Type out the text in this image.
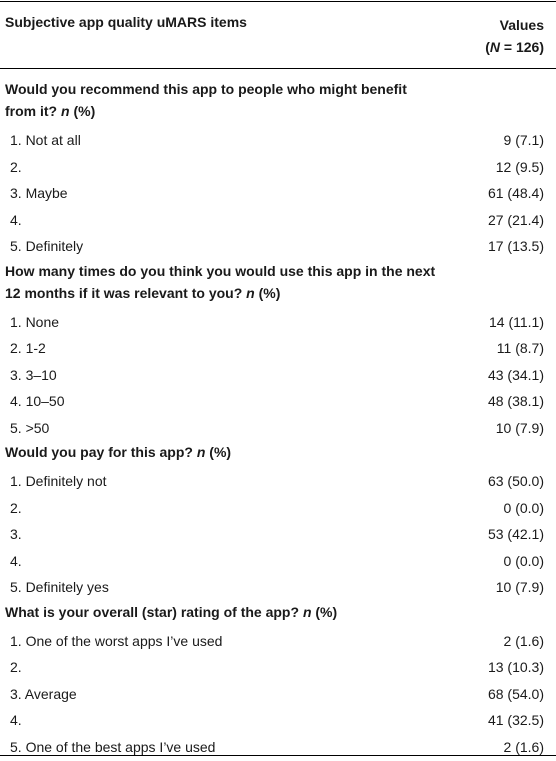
Subjective app quality uMARS items	Values
(N = 126)
Would you recommend this app to people who might benefit from it? n (%)
1. Not at all	9 (7.1)
2.	12 (9.5)
3. Maybe	61 (48.4)
4.	27 (21.4)
5. Definitely	17 (13.5)
How many times do you think you would use this app in the next 12 months if it was relevant to you? n (%)
1. None	14 (11.1)
2. 1-2	11 (8.7)
3. 3–10	43 (34.1)
4. 10–50	48 (38.1)
5. >50	10 (7.9)
Would you pay for this app? n (%)
1. Definitely not	63 (50.0)
2.	0 (0.0)
3.	53 (42.1)
4.	0 (0.0)
5. Definitely yes	10 (7.9)
What is your overall (star) rating of the app? n (%)
1. One of the worst apps I’ve used	2 (1.6)
2.	13 (10.3)
3. Average	68 (54.0)
4.	41 (32.5)
5. One of the best apps I’ve used	2 (1.6)
